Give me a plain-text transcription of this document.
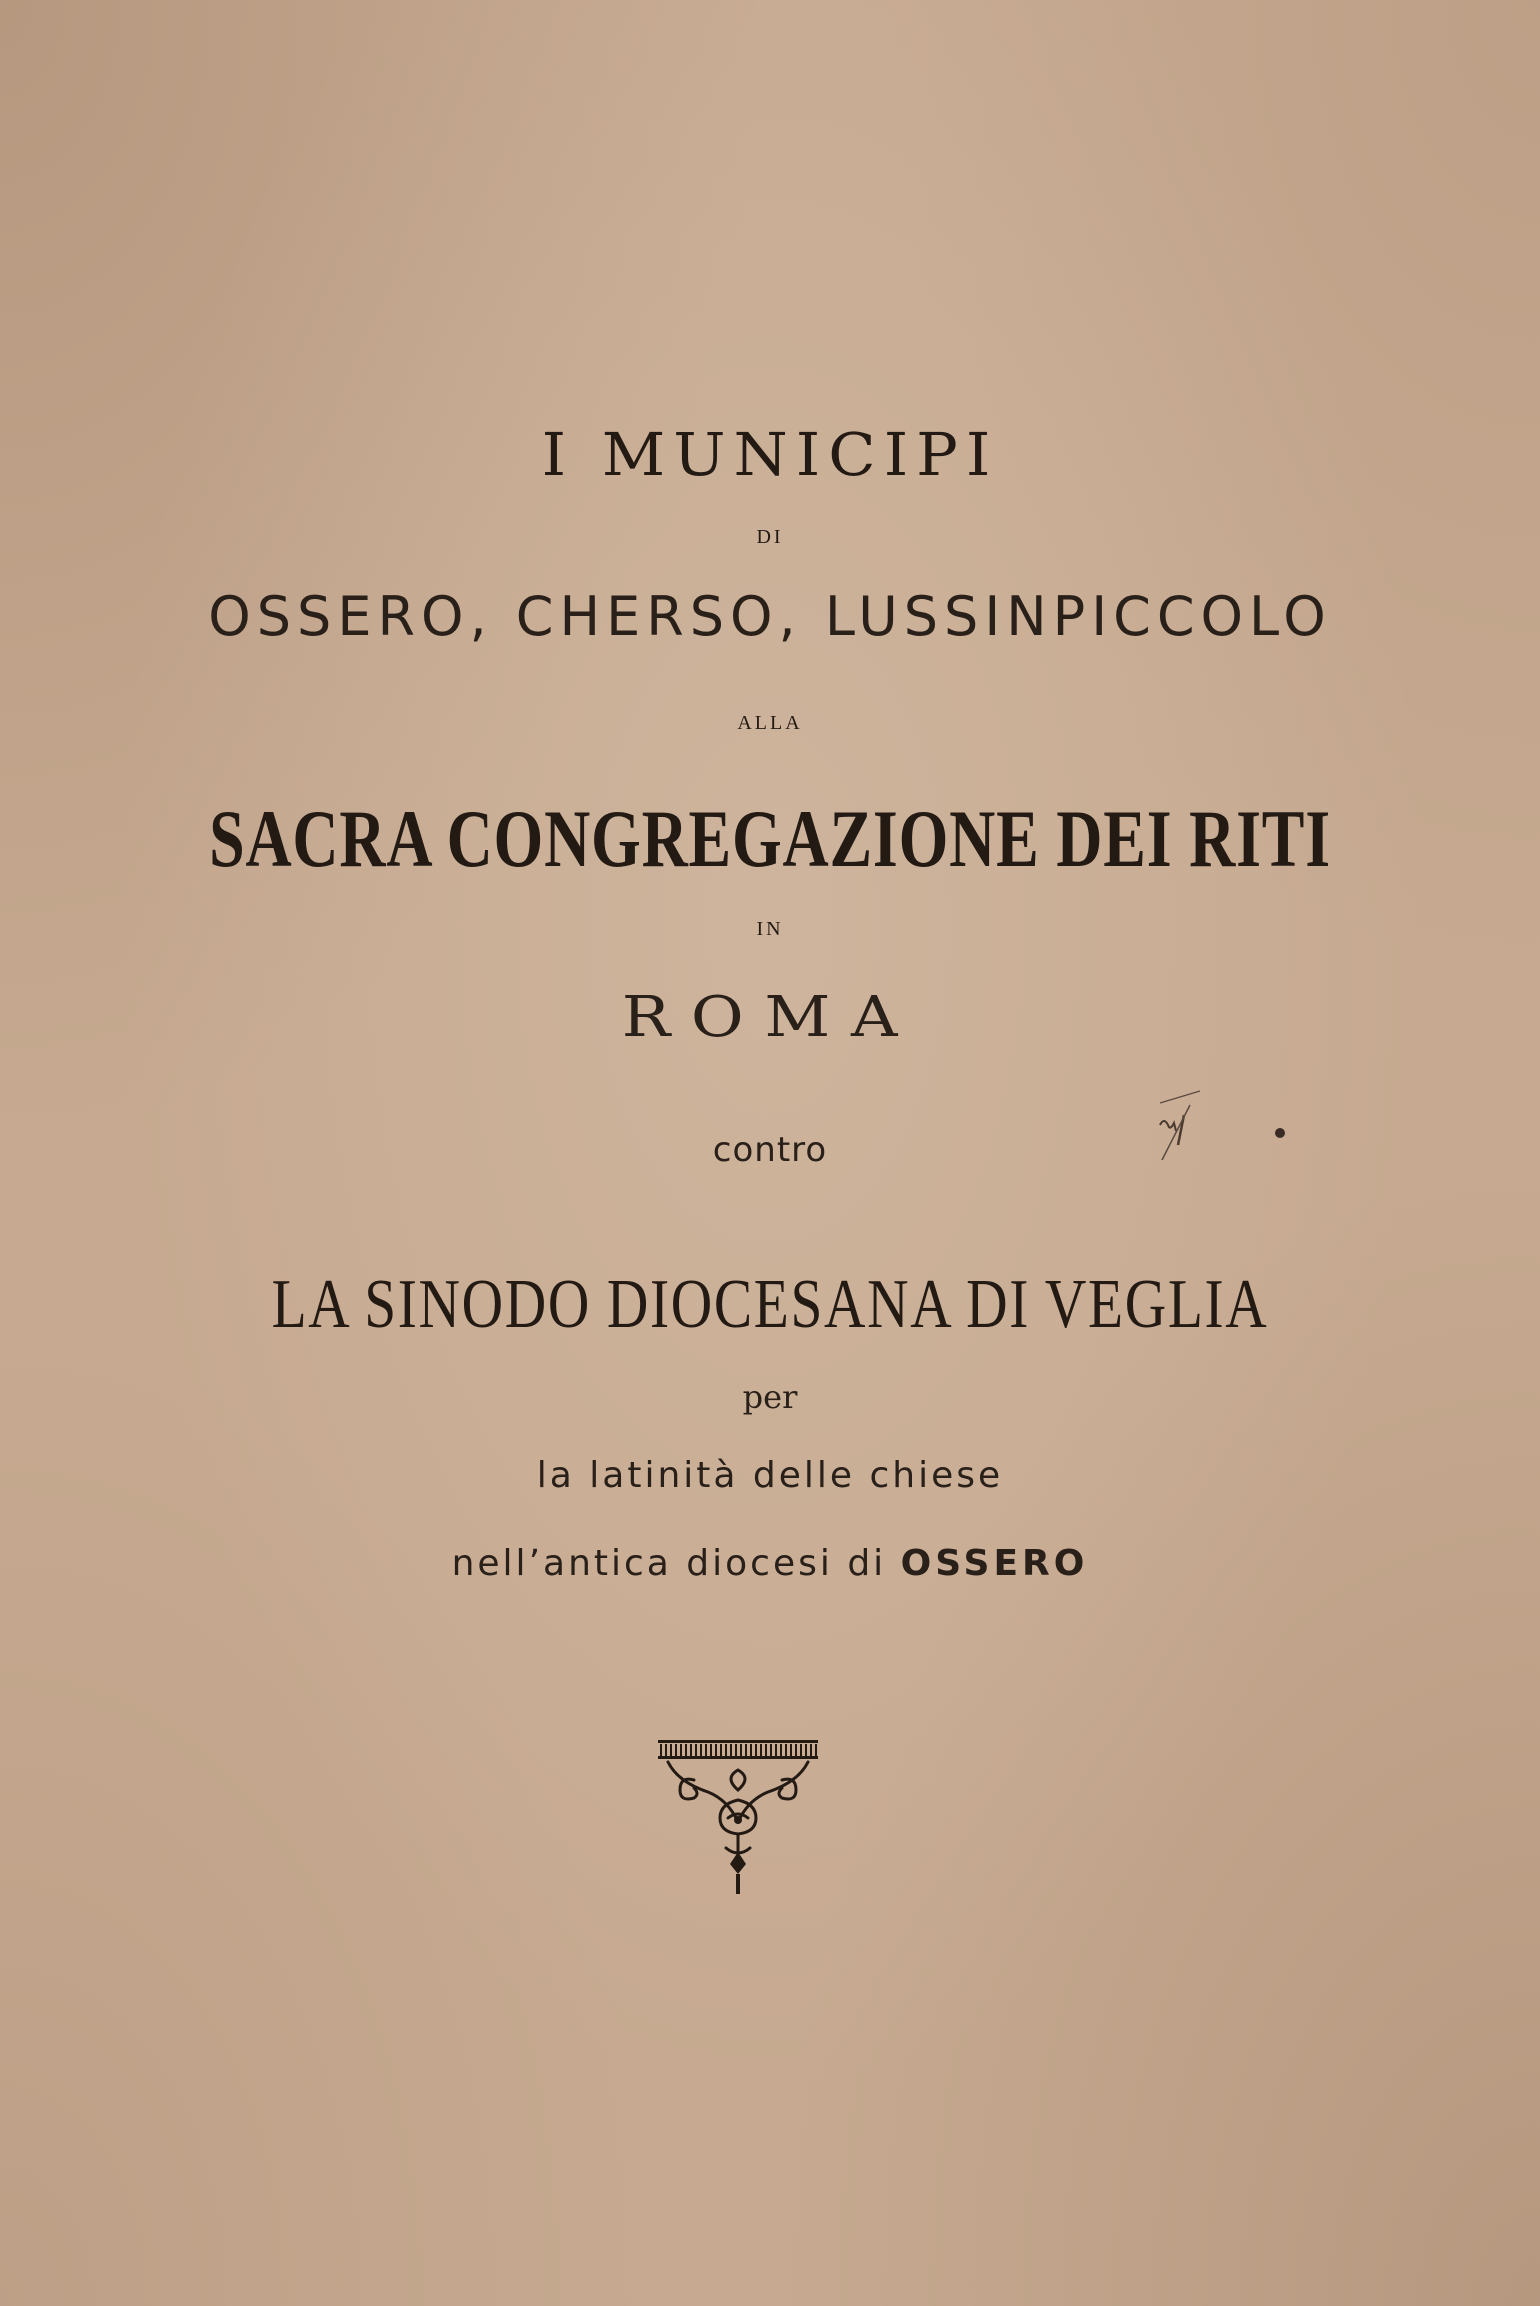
I MUNICIPI
DI
OSSERO, CHERSO, LUSSINPICCOLO
ALLA
SACRA CONGREGAZIONE DEI RITI
IN
ROMA
contro
LA SINODO DIOCESANA DI VEGLIA
per
la latinità delle chiese
nell’antica diocesi di OSSERO
